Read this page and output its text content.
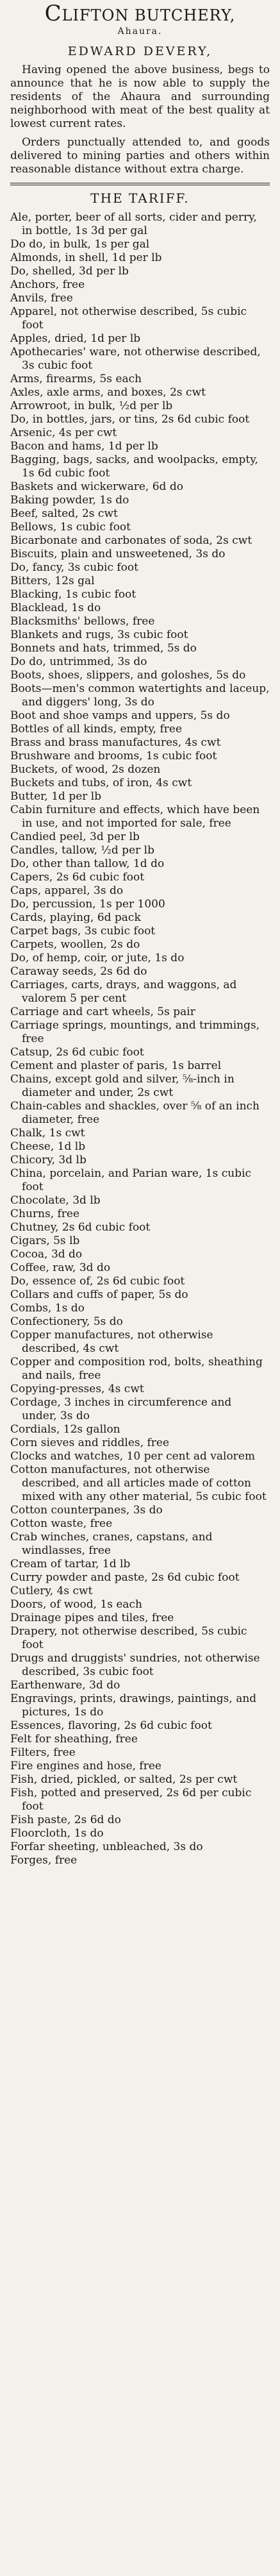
CLIFTON BUTCHERY,
Ahaura.
EDWARD DEVERY,
Having opened the above business, begs to announce that he is now able to supply the residents of the Ahaura and surrounding neighborhood with meat of the best quality at lowest current rates.
Orders punctually attended to, and goods delivered to mining parties and others within reasonable distance without extra charge.
THE TARIFF.
Ale, porter, beer of all sorts, cider and perry, in bottle, 1s 3d per gal
Do do, in bulk, 1s per gal
Almonds, in shell, 1d per lb
Do, shelled, 3d per lb
Anchors, free
Anvils, free
Apparel, not otherwise described, 5s cubic foot
Apples, dried, 1d per lb
Apothecaries' ware, not otherwise described, 3s cubic foot
Arms, firearms, 5s each
Axles, axle arms, and boxes, 2s cwt
Arrowroot, in bulk, ½d per lb
Do, in bottles, jars, or tins, 2s 6d cubic foot
Arsenic, 4s per cwt
Bacon and hams, 1d per lb
Bagging, bags, sacks, and woolpacks, empty, 1s 6d cubic foot
Baskets and wickerware, 6d do
Baking powder, 1s do
Beef, salted, 2s cwt
Bellows, 1s cubic foot
Bicarbonate and carbonates of soda, 2s cwt
Biscuits, plain and unsweetened, 3s do
Do, fancy, 3s cubic foot
Bitters, 12s gal
Blacking, 1s cubic foot
Blacklead, 1s do
Blacksmiths' bellows, free
Blankets and rugs, 3s cubic foot
Bonnets and hats, trimmed, 5s do
Do do, untrimmed, 3s do
Boots, shoes, slippers, and goloshes, 5s do
Boots—men's common watertights and laceup, and diggers' long, 3s do
Boot and shoe vamps and uppers, 5s do
Bottles of all kinds, empty, free
Brass and brass manufactures, 4s cwt
Brushware and brooms, 1s cubic foot
Buckets, of wood, 2s dozen
Buckets and tubs, of iron, 4s cwt
Butter, 1d per lb
Cabin furniture and effects, which have been in use, and not imported for sale, free
Candied peel, 3d per lb
Candles, tallow, ½d per lb
Do, other than tallow, 1d do
Capers, 2s 6d cubic foot
Caps, apparel, 3s do
Do, percussion, 1s per 1000
Cards, playing, 6d pack
Carpet bags, 3s cubic foot
Carpets, woollen, 2s do
Do, of hemp, coir, or jute, 1s do
Caraway seeds, 2s 6d do
Carriages, carts, drays, and waggons, ad valorem 5 per cent
Carriage and cart wheels, 5s pair
Carriage springs, mountings, and trimmings, free
Catsup, 2s 6d cubic foot
Cement and plaster of paris, 1s barrel
Chains, except gold and silver, ⅝-inch in diameter and under, 2s cwt
Chain-cables and shackles, over ⅝ of an inch diameter, free
Chalk, 1s cwt
Cheese, 1d lb
Chicory, 3d lb
China, porcelain, and Parian ware, 1s cubic foot
Chocolate, 3d lb
Churns, free
Chutney, 2s 6d cubic foot
Cigars, 5s lb
Cocoa, 3d do
Coffee, raw, 3d do
Do, essence of, 2s 6d cubic foot
Collars and cuffs of paper, 5s do
Combs, 1s do
Confectionery, 5s do
Copper manufactures, not otherwise described, 4s cwt
Copper and composition rod, bolts, sheathing and nails, free
Copying-presses, 4s cwt
Cordage, 3 inches in circumference and under, 3s do
Cordials, 12s gallon
Corn sieves and riddles, free
Clocks and watches, 10 per cent ad valorem
Cotton manufactures, not otherwise described, and all articles made of cotton mixed with any other material, 5s cubic foot
Cotton counterpanes, 3s do
Cotton waste, free
Crab winches, cranes, capstans, and windlasses, free
Cream of tartar, 1d lb
Curry powder and paste, 2s 6d cubic foot
Cutlery, 4s cwt
Doors, of wood, 1s each
Drainage pipes and tiles, free
Drapery, not otherwise described, 5s cubic foot
Drugs and druggists' sundries, not otherwise described, 3s cubic foot
Earthenware, 3d do
Engravings, prints, drawings, paintings, and pictures, 1s do
Essences, flavoring, 2s 6d cubic foot
Felt for sheathing, free
Filters, free
Fire engines and hose, free
Fish, dried, pickled, or salted, 2s per cwt
Fish, potted and preserved, 2s 6d per cubic foot
Fish paste, 2s 6d do
Floorcloth, 1s do
Forfar sheeting, unbleached, 3s do
Forges, free
